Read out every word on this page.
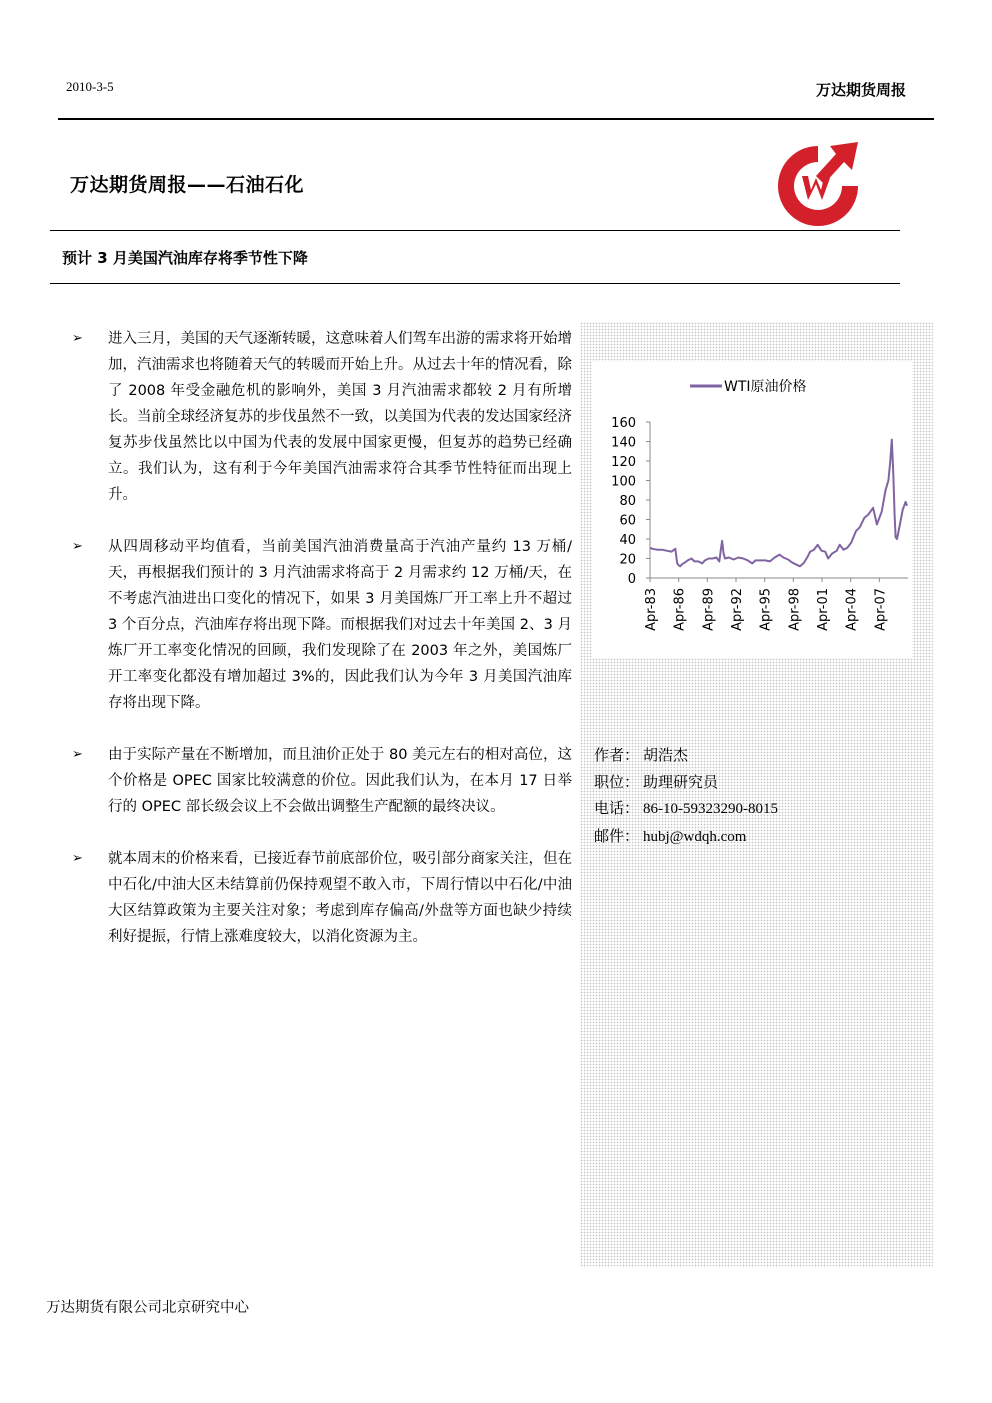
2010-3-5	万达期货周报
万达期货周报——石油石化
预计 3 月美国汽油库存将季节性下降
0
20
40
60
80
100
120
140
160
Apr-83 Apr-86 Apr-89 Apr-92 Apr-95 Apr-98 Apr-01 Apr-04 Apr-07
WTI原油价格
➢ 进入三月，美国的天气逐渐转暖，这意味着人们驾车出游的需求将开始增加，汽油需求也将随着天气的转暖而开始上升。从过去十年的情况看，除了 2008 年受金融危机的影响外，美国 3 月汽油需求都较 2 月有所增长。当前全球经济复苏的步伐虽然不一致，以美国为代表的发达国家经济复苏步伐虽然比以中国为代表的发展中国家更慢，但复苏的趋势已经确立。我们认为，这有利于今年美国汽油需求符合其季节性特征而出现上升。
➢ 从四周移动平均值看，当前美国汽油消费量高于汽油产量约 13 万桶/天，再根据我们预计的 3 月汽油需求将高于 2 月需求约 12 万桶/天，在不考虑汽油进出口变化的情况下，如果 3 月美国炼厂开工率上升不超过 3 个百分点，汽油库存将出现下降。而根据我们对过去十年美国 2、3 月炼厂开工率变化情况的回顾，我们发现除了在 2003 年之外，美国炼厂开工率变化都没有增加超过 3%的，因此我们认为今年 3 月美国汽油库存将出现下降。
➢ 由于实际产量在不断增加，而且油价正处于 80 美元左右的相对高位，这个价格是 OPEC 国家比较满意的价位。因此我们认为，在本月 17 日举行的 OPEC 部长级会议上不会做出调整生产配额的最终决议。
➢ 就本周末的价格来看，已接近春节前底部价位，吸引部分商家关注，但在中石化/中油大区未结算前仍保持观望不敢入市，下周行情以中石化/中油大区结算政策为主要关注对象；考虑到库存偏高/外盘等方面也缺少持续利好提振，行情上涨难度较大，以消化资源为主。
作者： 胡浩杰
职位： 助理研究员
电话： 86-10-59323290-8015
邮件： hubj@wdqh.com
万达期货有限公司北京研究中心
